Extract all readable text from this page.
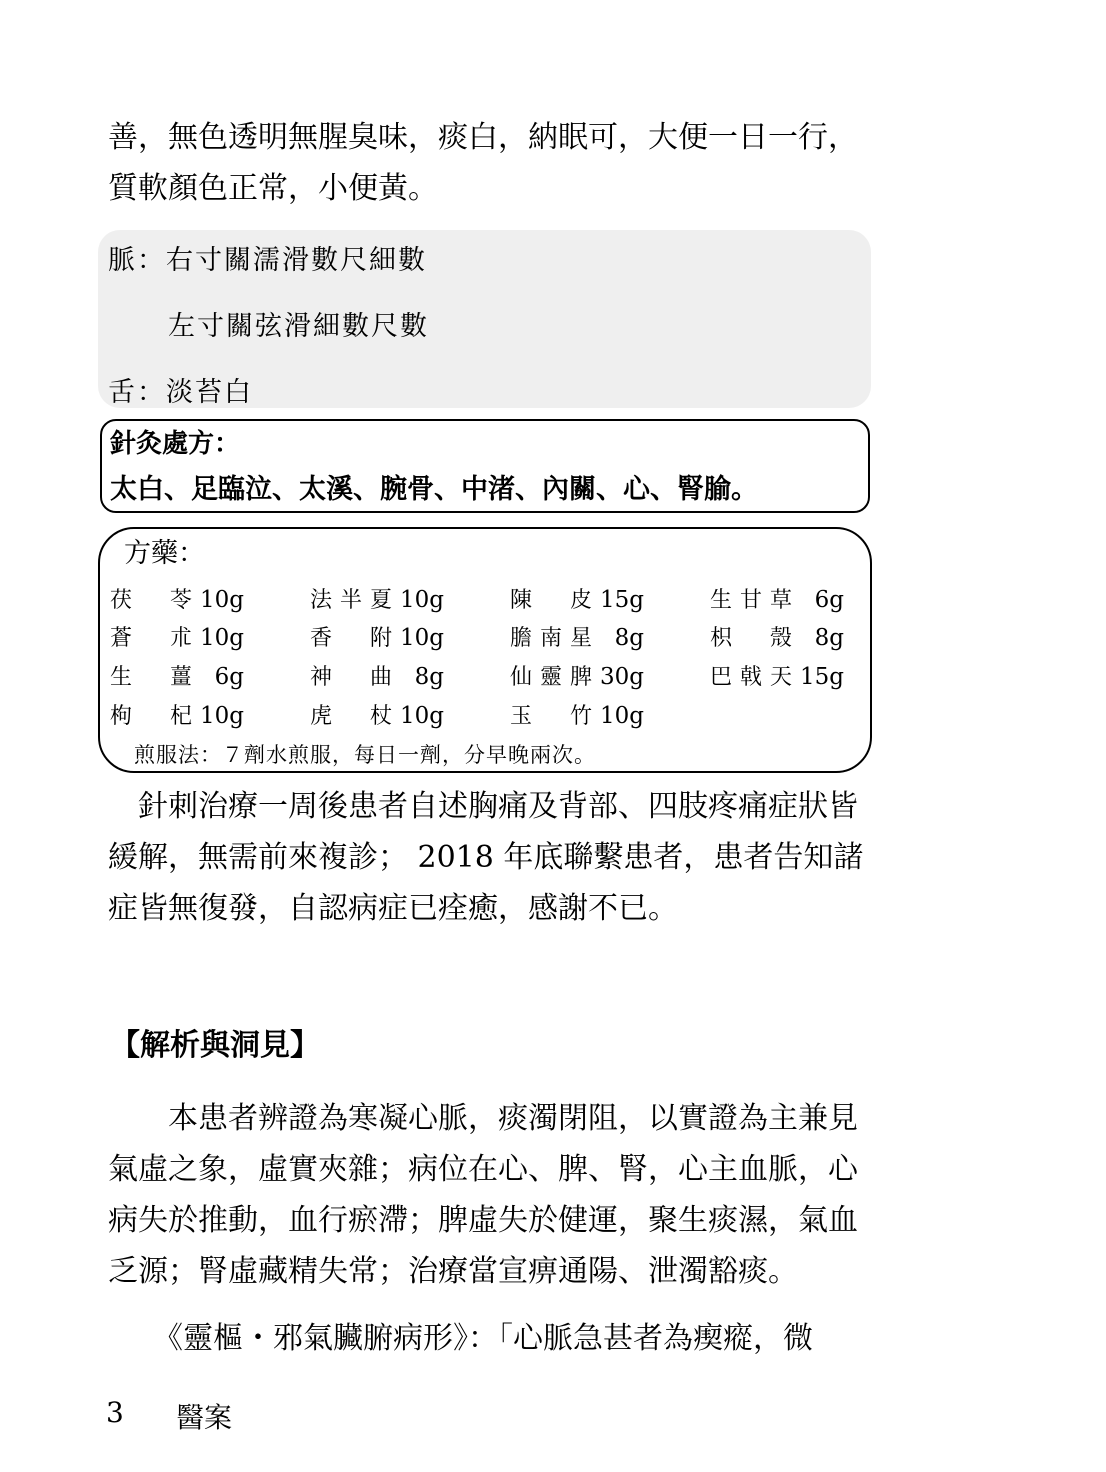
善，無色透明無腥臭味，痰白，納眠可，大便一日一行，

質軟顏色正常，小便黃。

脈：右寸關濡滑數尺細數
左寸關弦滑細數尺數
舌：淡苔白
針灸處方：
太白、足臨泣、太溪、腕骨、中渚、內關、心、腎腧。
方藥：
茯　苓 10g	法半夏 10g	陳　皮 15g	生甘草 6g
蒼　朮 10g	香　附 10g	膽南星 8g	枳　殼 8g
生　薑 6g	神　曲 8g	仙靈脾 30g	巴戟天 15g
枸　杞 10g	虎　杖 10g	玉　竹 10g
煎服法：７劑水煎服，每日一劑，分早晚兩次。

　針刺治療一周後患者自述胸痛及背部、四肢疼痛症狀皆

緩解，無需前來複診； 2018 年底聯繫患者，患者告知諸

症皆無復發，自認病症已痊癒，感謝不已。

【解析與洞見】

　　本患者辨證為寒凝心脈，痰濁閉阻，以實證為主兼見

氣虛之象，虛實夾雜；病位在心、脾、腎，心主血脈，心

病失於推動，血行瘀滯；脾虛失於健運，聚生痰濕，氣血

乏源；腎虛藏精失常；治療當宣痹通陽、泄濁豁痰。

　　《靈樞・邪氣臟腑病形》：「心脈急甚者為瘈瘲，微

3 醫案
